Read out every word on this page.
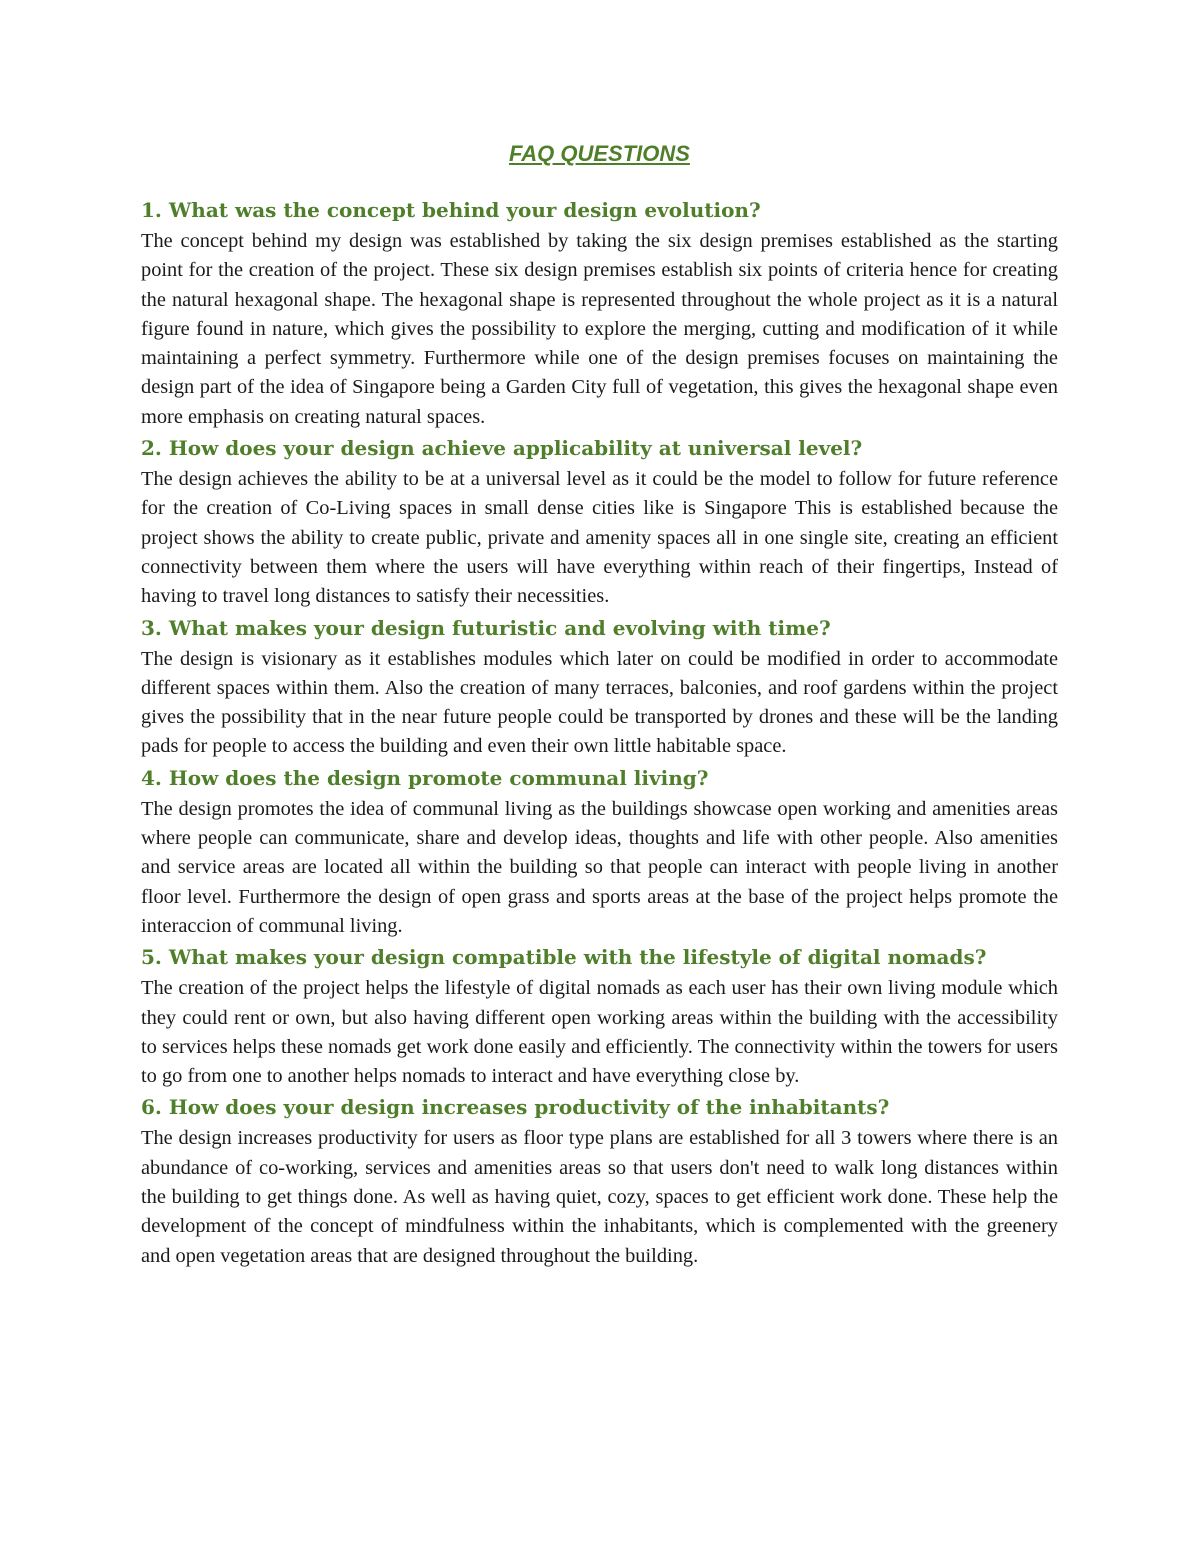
FAQ QUESTIONS
1. What was the concept behind your design evolution?

The concept behind my design was established by taking the six design premises established as the starting point for the creation of the project. These six design premises establish six points of criteria hence for creating the natural hexagonal shape. The hexagonal shape is represented throughout the whole project as it is a natural figure found in nature, which gives the possibility to explore the merging, cutting and modification of it while maintaining a perfect symmetry. Furthermore while one of the design premises focuses on maintaining the design part of the idea of Singapore being a Garden City full of vegetation, this gives the hexagonal shape even more emphasis on creating natural spaces.

2. How does your design achieve applicability at universal level?

The design achieves the ability to be at a universal level as it could be the model to follow for future reference for the creation of Co-Living spaces in small dense cities like is Singapore This is established because the project shows the ability to create public, private and amenity spaces all in one single site, creating an efficient connectivity between them where the users will have everything within reach of their fingertips, Instead of having to travel long distances to satisfy their necessities.

3. What makes your design futuristic and evolving with time?

The design is visionary as it establishes modules which later on could be modified in order to accommodate different spaces within them. Also the creation of many terraces, balconies, and roof gardens within the project gives the possibility that in the near future people could be transported by drones and these will be the landing pads for people to access the building and even their own little habitable space.

4. How does the design promote communal living?

The design promotes the idea of communal living as the buildings showcase open working and amenities areas where people can communicate, share and develop ideas, thoughts and life with other people. Also amenities and service areas are located all within the building so that people can interact with people living in another floor level. Furthermore the design of open grass and sports areas at the base of the project helps promote the interaccion of communal living.

5. What makes your design compatible with the lifestyle of digital nomads?

The creation of the project helps the lifestyle of digital nomads as each user has their own living module which they could rent or own, but also having different open working areas within the building with the accessibility to services helps these nomads get work done easily and efficiently. The connectivity within the towers for users to go from one to another helps nomads to interact and have everything close by.

6. How does your design increases productivity of the inhabitants?

The design increases productivity for users as floor type plans are established for all 3 towers where there is an abundance of co-working, services and amenities areas so that users don't need to walk long distances within the building to get things done. As well as having quiet, cozy, spaces to get efficient work done. These help the development of the concept of mindfulness within the inhabitants, which is complemented with the greenery and open vegetation areas that are designed throughout the building.
